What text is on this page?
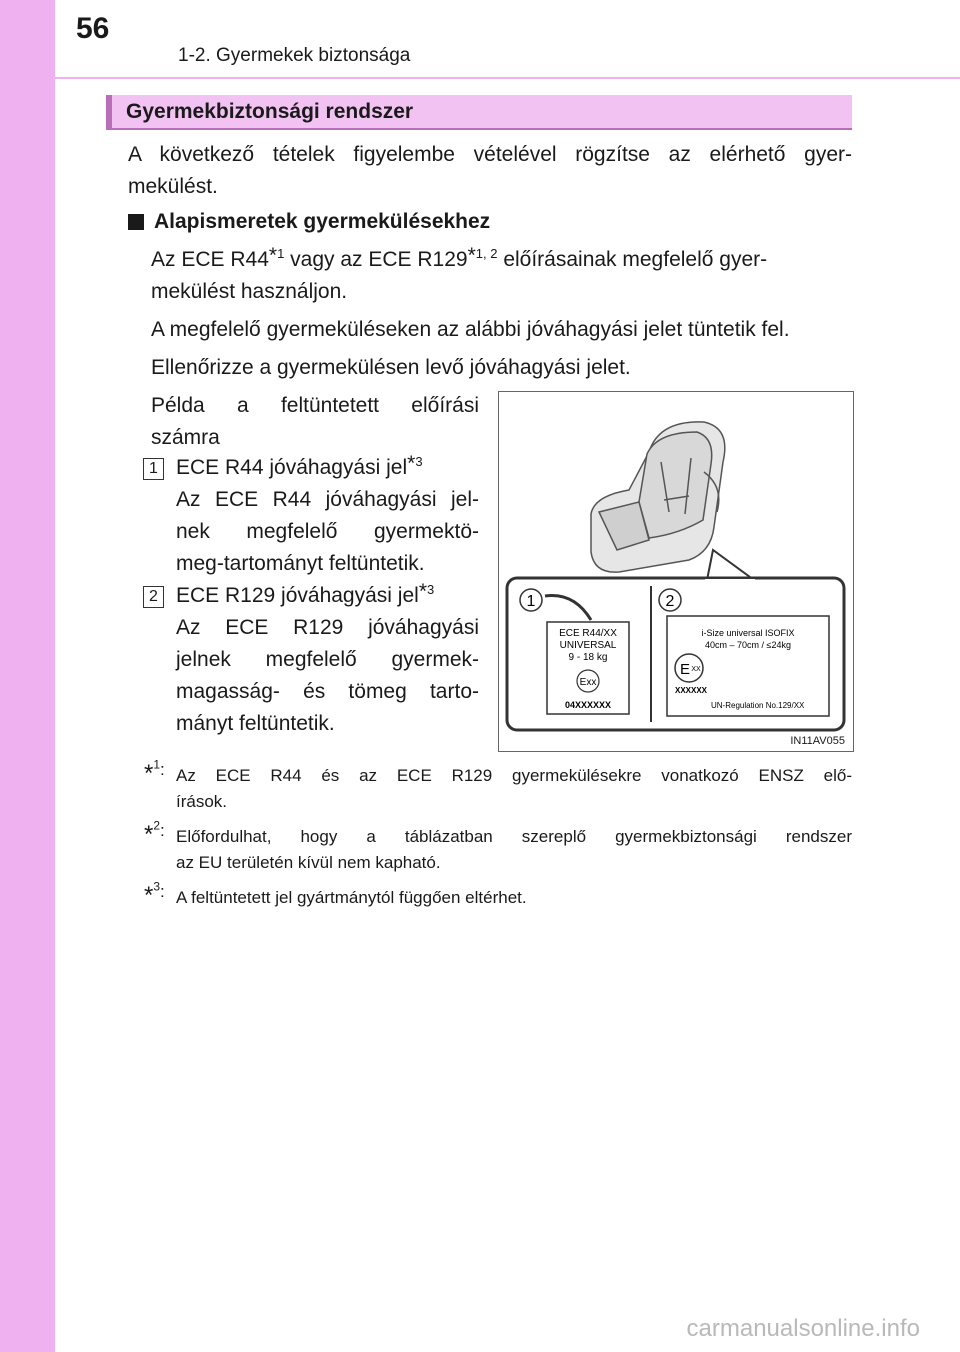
56
1-2. Gyermekek biztonsága
Gyermekbiztonsági rendszer
A következő tételek figyelembe vételével rögzítse az elérhető gyer-
mekülést.
Alapismeretek gyermekülésekhez
Az ECE R44*$^1$ vagy az ECE R129*$^{1, 2}$ előírásainak megfelelő gyer-
mekülést használjon.
A megfelelő gyermeküléseken az alábbi jóváhagyási jelet tüntetik fel.
Ellenőrizze a gyermekülésen levő jóváhagyási jelet.
Példa a feltüntetett előírási
számra
1 ECE R44 jóváhagyási jel*$^3$
Az ECE R44 jóváhagyási jel-
nek megfelelő gyermektö-
meg-tartományt feltüntetik.
2 ECE R129 jóváhagyási jel*$^3$
Az ECE R129 jóváhagyási
jelnek megfelelő gyermek-
magasság- és tömeg tarto-
mányt feltüntetik.
1	2
ECE R44/XX
UNIVERSAL
9 - 18 kg
Exx
04XXXXXX
i-Size universal ISOFIX
40cm – 70cm / ≤24kg
E XX
XXXXXX
UN-Regulation No.129/XX
IN11AV055
*$^1$: Az ECE R44 és az ECE R129 gyermekülésekre vonatkozó ENSZ elő-
írások.
*$^2$: Előfordulhat, hogy a táblázatban szereplő gyermekbiztonsági rendszer
az EU területén kívül nem kapható.
*$^3$: A feltüntetett jel gyártmánytól függően eltérhet.
carmanualsonline.info
